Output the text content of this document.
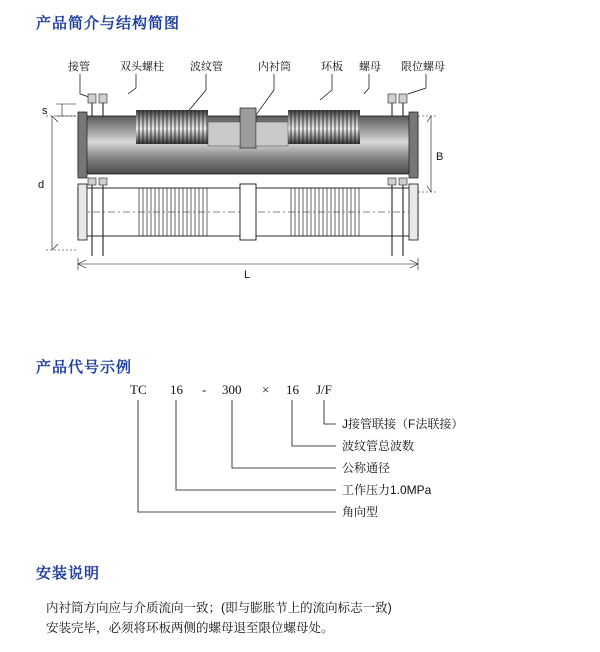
产品简介与结构简图
产品代号示例
安装说明
接管	双头螺柱 波纹管	内衬筒	环板 螺母 限位螺母
s
d
B
L
TC 16 - 300 × 16 J/F
J接管联接（F法联接）
波纹管总波数
公称通径
工作压力1.0MPa
角向型
内衬筒方向应与介质流向一致；(即与膨胀节上的流向标志一致)
安装完毕，必须将环板两侧的螺母退至限位螺母处。
